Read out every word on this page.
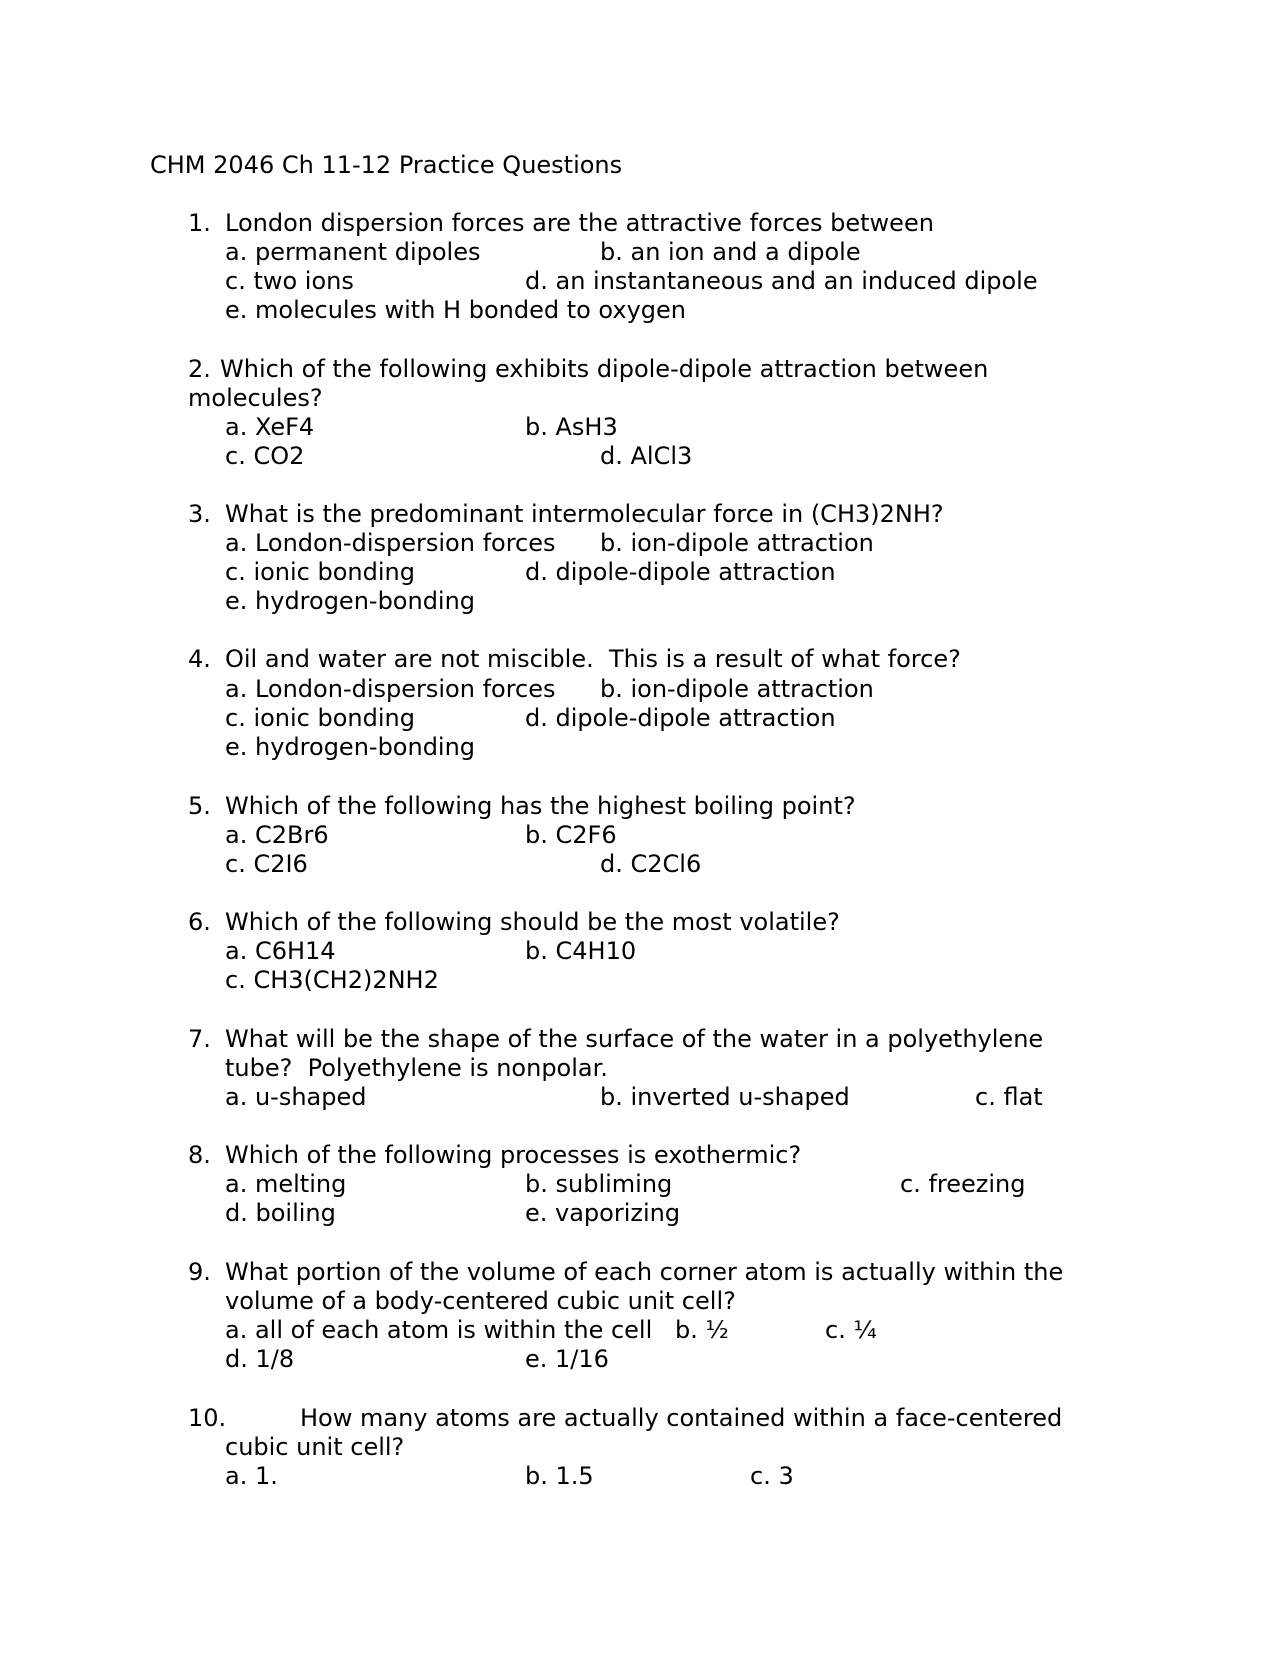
CHM 2046 Ch 11-12 Practice Questions
1. London dispersion forces are the attractive forces between
a. permanent dipoles	b. an ion and a dipole
c. two ions	d. an instantaneous and an induced dipole
e. molecules with H bonded to oxygen
2. Which of the following exhibits dipole-dipole attraction between
molecules?
a. XeF4	b. AsH3
c. CO2	d. AlCl3
3. What is the predominant intermolecular force in (CH3)2NH?
a. London-dispersion forces b. ion-dipole attraction
c. ionic bonding	d. dipole-dipole attraction
e. hydrogen-bonding
4. Oil and water are not miscible.  This is a result of what force?
a. London-dispersion forces b. ion-dipole attraction
c. ionic bonding	d. dipole-dipole attraction
e. hydrogen-bonding
5. Which of the following has the highest boiling point?
a. C2Br6	b. C2F6
c. C2I6	d. C2Cl6
6. Which of the following should be the most volatile?
a. C6H14	b. C4H10
c. CH3(CH2)2NH2
7. What will be the shape of the surface of the water in a polyethylene
tube?  Polyethylene is nonpolar.
a. u-shaped	b. inverted u-shaped	c. flat
8. Which of the following processes is exothermic?
a. melting	b. subliming	c. freezing
d. boiling	e. vaporizing
9. What portion of the volume of each corner atom is actually within the
volume of a body-centered cubic unit cell?
a. all of each atom is within the cell b. ½	c. ¼
d. 1/8	e. 1/16
10.	How many atoms are actually contained within a face-centered
cubic unit cell?
a. 1.	b. 1.5	c. 3
